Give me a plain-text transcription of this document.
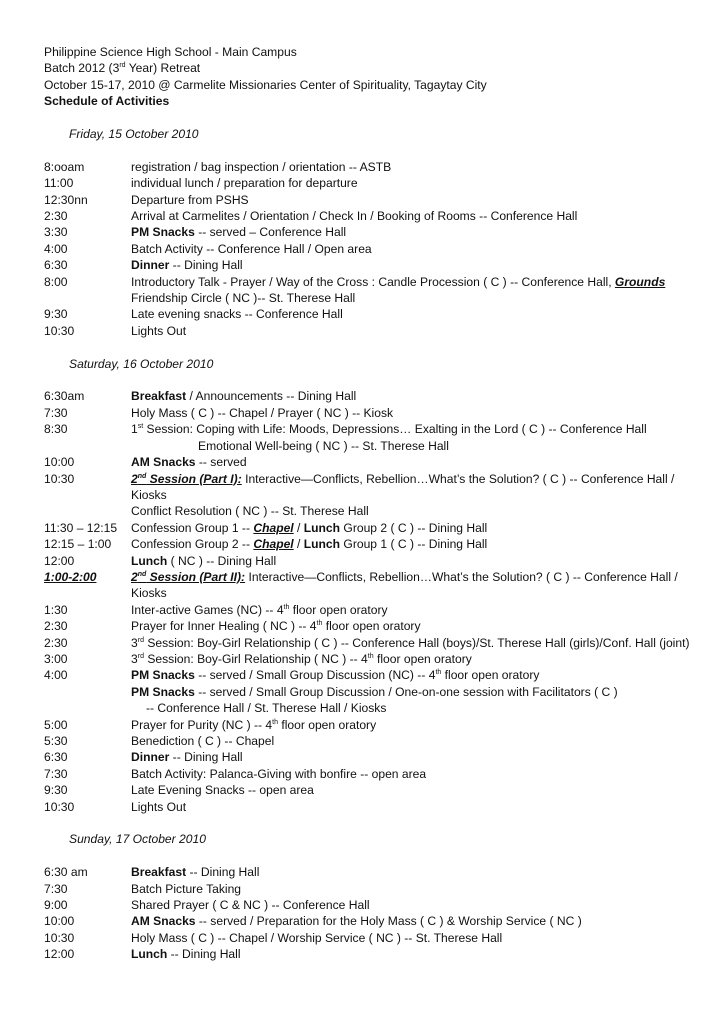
Philippine Science High School - Main Campus
Batch 2012 (3rd Year) Retreat
October 15-17, 2010 @ Carmelite Missionaries Center of Spirituality, Tagaytay City
Schedule of Activities
Friday, 15 October 2010
8:ooam	registration / bag inspection / orientation -- ASTB
11:00	individual lunch / preparation for departure
12:30nn	Departure from PSHS
2:30	Arrival at Carmelites / Orientation / Check In / Booking of Rooms -- Conference Hall
3:30	PM Snacks -- served – Conference Hall
4:00	Batch Activity -- Conference Hall / Open area
6:30	Dinner -- Dining Hall
8:00	Introductory Talk - Prayer / Way of the Cross : Candle Procession ( C ) -- Conference Hall, Grounds
Friendship Circle ( NC )-- St. Therese Hall
9:30	Late evening snacks -- Conference Hall
10:30	Lights Out
Saturday, 16 October 2010
6:30am	Breakfast / Announcements -- Dining Hall
7:30	Holy Mass ( C ) -- Chapel / Prayer ( NC ) -- Kiosk
8:30	1st Session: Coping with Life: Moods, Depressions… Exalting in the Lord ( C ) -- Conference Hall
Emotional Well-being ( NC ) -- St. Therese Hall
10:00	AM Snacks -- served
10:30	2nd Session (Part I): Interactive—Conflicts, Rebellion…What’s the Solution? ( C ) -- Conference Hall / Kiosks
Conflict Resolution ( NC ) -- St. Therese Hall
11:30 – 12:15	Confession Group 1 -- Chapel / Lunch Group 2 ( C ) -- Dining Hall
12:15 – 1:00	Confession Group 2 -- Chapel / Lunch Group 1 ( C ) -- Dining Hall
12:00	Lunch ( NC ) -- Dining Hall
1:00-2:00	2nd Session (Part II): Interactive—Conflicts, Rebellion…What’s the Solution? ( C ) -- Conference Hall / Kiosks
1:30	Inter-active Games (NC) -- 4th floor open oratory
2:30	Prayer for Inner Healing ( NC ) -- 4th floor open oratory
2:30	3rd Session: Boy-Girl Relationship ( C ) -- Conference Hall (boys)/St. Therese Hall (girls)/Conf. Hall (joint)
3:00	3rd Session: Boy-Girl Relationship ( NC ) -- 4th floor open oratory
4:00	PM Snacks -- served / Small Group Discussion (NC) -- 4th floor open oratory
PM Snacks -- served / Small Group Discussion / One-on-one session with Facilitators ( C )
-- Conference Hall / St. Therese Hall / Kiosks
5:00	Prayer for Purity (NC ) -- 4th floor open oratory
5:30	Benediction ( C ) -- Chapel
6:30	Dinner -- Dining Hall
7:30	Batch Activity: Palanca-Giving with bonfire -- open area
9:30	Late Evening Snacks -- open area
10:30	Lights Out
Sunday, 17 October 2010
6:30 am	Breakfast -- Dining Hall
7:30	Batch Picture Taking
9:00	Shared Prayer ( C & NC ) -- Conference Hall
10:00	AM Snacks -- served / Preparation for the Holy Mass ( C ) & Worship Service ( NC )
10:30	Holy Mass ( C ) -- Chapel / Worship Service ( NC ) -- St. Therese Hall
12:00	Lunch -- Dining Hall
